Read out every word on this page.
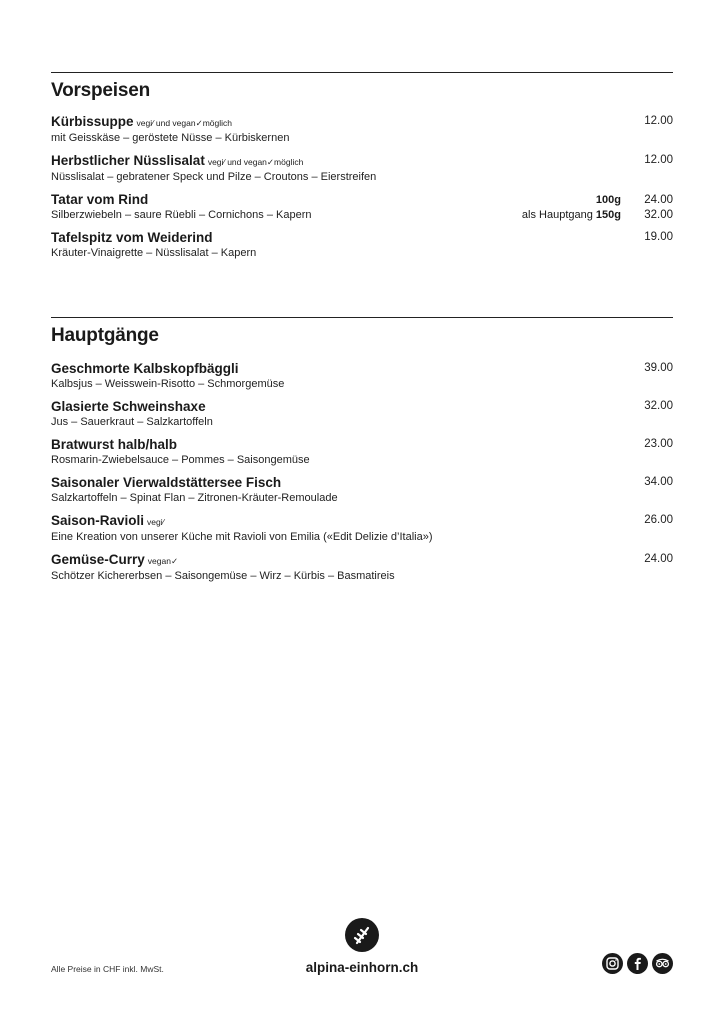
Vorspeisen
Kürbissuppe vegi∕ und vegan✓möglich
mit Geisskäse – geröstete Nüsse – Kürbiskernen
12.00
Herbstlicher Nüsslisalat vegi∕ und vegan✓möglich
Nüsslisalat – gebratener Speck und Pilze – Croutons – Eierstreifen
12.00
Tatar vom Rind
Silberzwiebeln – saure Rüebli – Cornichons – Kapern
100g
als Hauptgang 150g
24.00
32.00
Tafelspitz vom Weiderind
Kräuter-Vinaigrette – Nüsslisalat – Kapern
19.00
Hauptgänge
Geschmorte Kalbskopfbäggli
Kalbsjus – Weisswein-Risotto – Schmorgemüse
39.00
Glasierte Schweinshaxe
Jus – Sauerkraut – Salzkartoffeln
32.00
Bratwurst halb/halb
Rosmarin-Zwiebelsauce – Pommes – Saisongemüse
23.00
Saisonaler Vierwaldstättersee Fisch
Salzkartoffeln – Spinat Flan – Zitronen-Kräuter-Remoulade
34.00
Saison-Ravioli vegi∕
Eine Kreation von unserer Küche mit Ravioli von Emilia («Edit Delizie d’Italia»)
26.00
Gemüse-Curry vegan✓
Schötzer Kichererbsen – Saisongemüse – Wirz – Kürbis – Basmatireis
24.00
Alle Preise in CHF inkl. MwSt.	alpina-einhorn.ch
